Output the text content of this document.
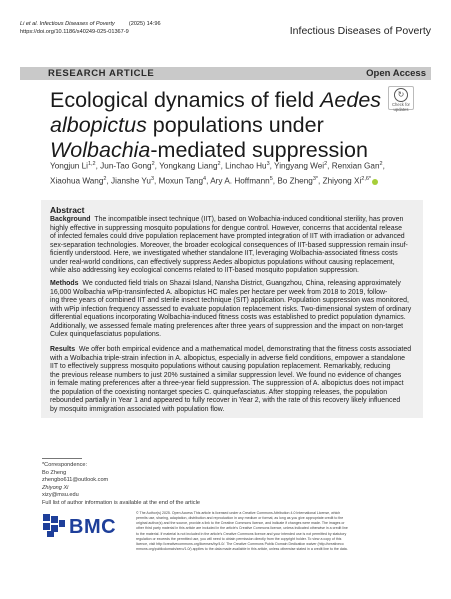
Li et al. Infectious Diseases of Poverty	(2025) 14:96
https://doi.org/10.1186/s40249-025-01367-9	Infectious Diseases of Poverty
RESEARCH ARTICLE	Open Access
Ecological dynamics of field Aedes albopictus populations under Wolbachia-mediated suppression
↻
Check for
updates
Yongjun Li$^{1,2}$, Jun-Tao Gong$^2$, Yongkang Liang$^2$, Linchao Hu$^3$, Yingyang Wei$^2$, Renxian Gan$^2$, Xiaohua Wang$^2$, Jianshe Yu$^3$, Moxun Tang$^4$, Ary A. Hoffmann$^5$, Bo Zheng$^{3*}$, Zhiyong $Xi^{2,6*}$
Abstract
Background The incompatible insect technique (IIT), based on Wolbachia-induced conditional sterility, has proven
highly effective in suppressing mosquito populations for dengue control. However, concerns that accidental release
of infected females could drive population replacement have prompted integration of IIT with irradiation or advanced
sex-separation technologies. Moreover, the broader ecological consequences of IIT-based suppression remain insuf-
ficiently understood. Here, we investigated whether standalone IIT, leveraging Wolbachia-associated fitness costs
under real-world conditions, can effectively suppress Aedes albopictus populations without causing replacement,
while also addressing key ecological concerns related to IIT-based mosquito population suppression.
Methods We conducted field trials on Shazai Island, Nansha District, Guangzhou, China, releasing approximately
16,000 Wolbachia wPip-transinfected A. albopictus HC males per hectare per week from 2018 to 2019, follow-
ing three years of combined IIT and sterile insect technique (SIT) application. Population suppression was monitored,
with wPip infection frequency assessed to evaluate population replacement risks. Two-dimensional system of ordinary
differential equations incorporating Wolbachia-induced fitness costs was established to predict population dynamics.
Additionally, we assessed female mating preferences after three years of suppression and the impact on non-target
Culex quinquefasciatus populations.
Results We offer both empirical evidence and a mathematical model, demonstrating that the fitness costs associated
with a Wolbachia triple-strain infection in A. albopictus, especially in adverse field conditions, empower a standalone
IIT to effectively suppress mosquito populations without causing population replacement. Remarkably, reducing
the previous release numbers to just 20% sustained a similar suppression level. We found no evidence of changes
in female mating preferences after a three-year field suppression. The suppression of A. albopictus does not impact
the population of the coexisting nontarget species C. quinquefasciatus. After stopping releases, the population
rebounded partially in Year 1 and appeared to fully recover in Year 2, with the rate of this recovery likely influenced
by mosquito immigration associated with population flow.
*Correspondence:
Bo Zheng
zhengbo611@outlook.com
Zhiyong Xi
xizy@msu.edu
Full list of author information is available at the end of the article
BMC
© The Author(s) 2025. Open Access This article is licensed under a Creative Commons Attribution 4.0 International License, which
permits use, sharing, adaptation, distribution and reproduction in any medium or format, as long as you give appropriate credit to the
original author(s) and the source, provide a link to the Creative Commons licence, and indicate if changes were made. The images or
other third party material in this article are included in the article's Creative Commons licence, unless indicated otherwise in a credit line
to the material. If material is not included in the article's Creative Commons licence and your intended use is not permitted by statutory
regulation or exceeds the permitted use, you will need to obtain permission directly from the copyright holder. To view a copy of this
licence, visit http://creativecommons.org/licenses/by/4.0/. The Creative Commons Public Domain Dedication waiver (http://creativeco
mmons.org/publicdomain/zero/1.0/) applies to the data made available in this article, unless otherwise stated in a credit line to the data.
